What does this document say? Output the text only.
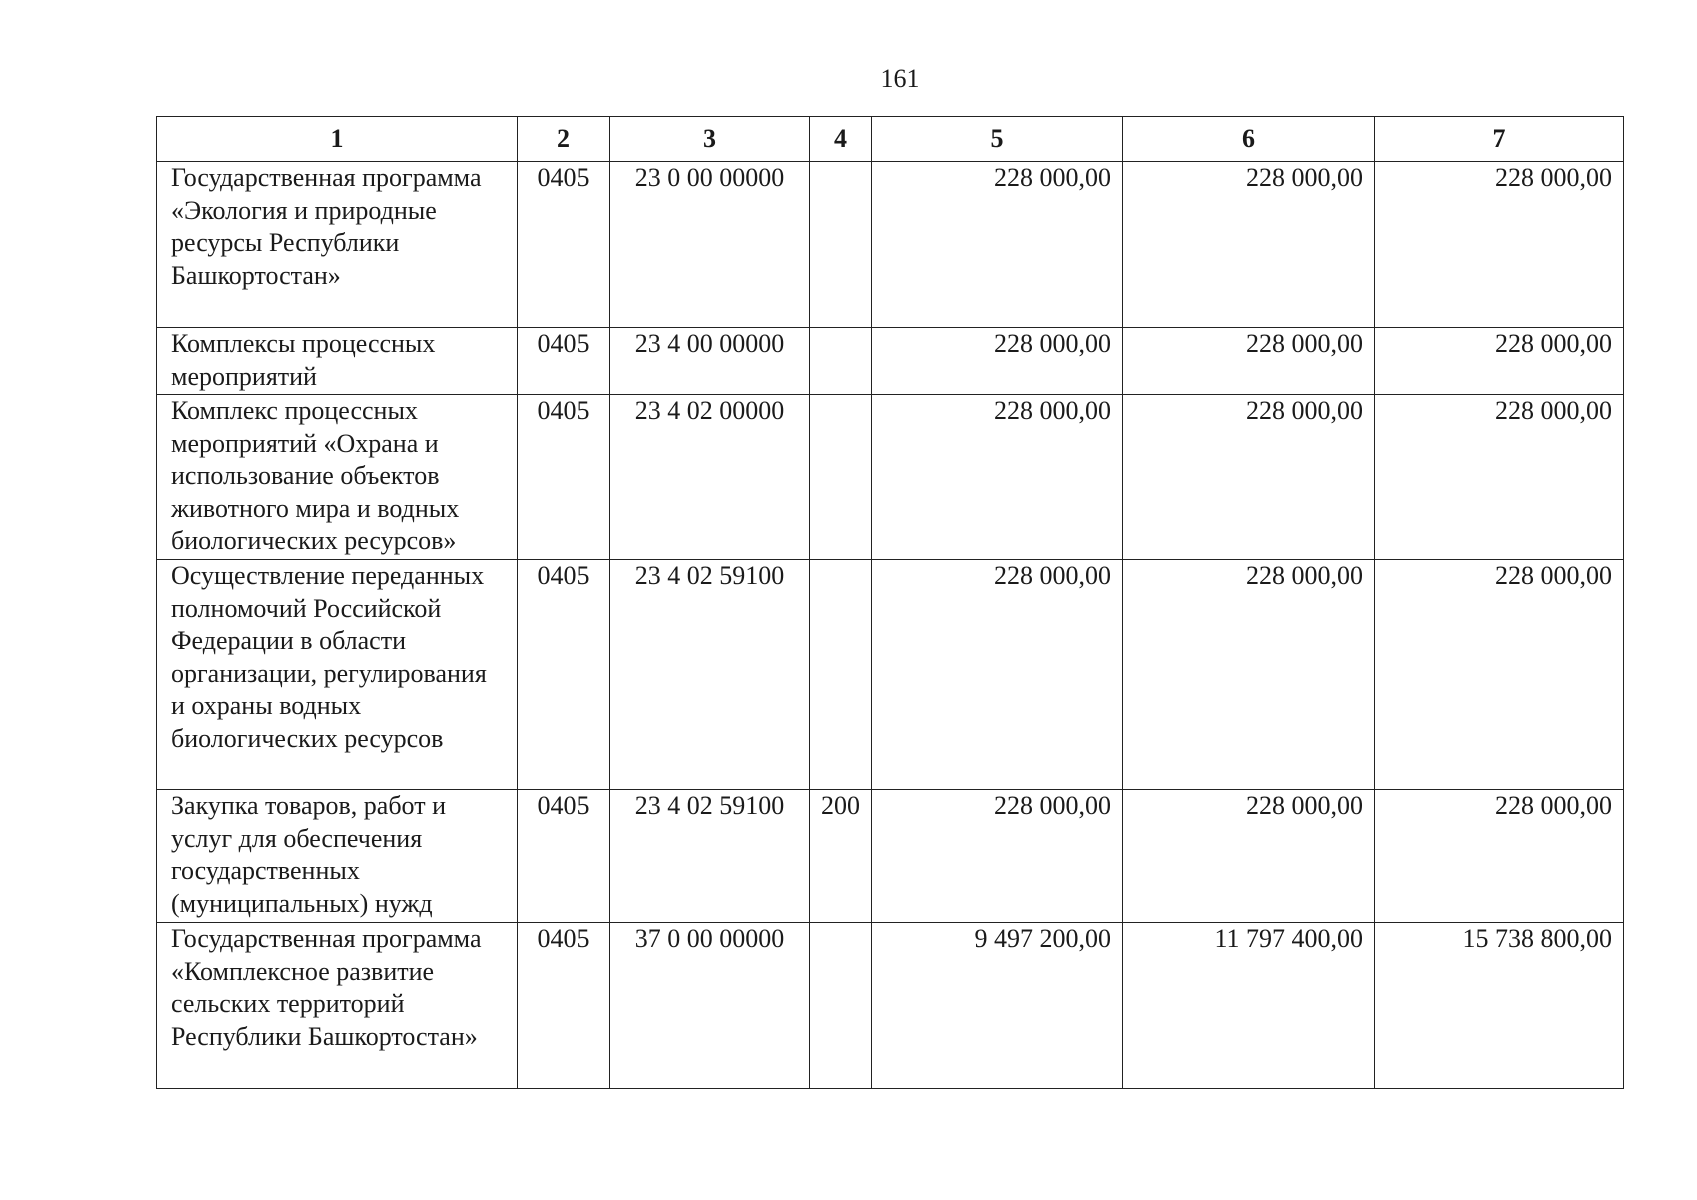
161
1	2	3	4	5	6	7
Государственная программа «Экология и природные ресурсы Республики Башкортостан»	0405	23 0 00 00000		228 000,00	228 000,00	228 000,00
Комплексы процессных мероприятий	0405	23 4 00 00000		228 000,00	228 000,00	228 000,00
Комплекс процессных мероприятий «Охрана и использование объектов животного мира и водных биологических ресурсов»	0405	23 4 02 00000		228 000,00	228 000,00	228 000,00
Осуществление переданных полномочий Российской Федерации в области организации, регулирования и охраны водных биологических ресурсов	0405	23 4 02 59100		228 000,00	228 000,00	228 000,00
Закупка товаров, работ и услуг для обеспечения государственных (муниципальных) нужд	0405	23 4 02 59100	200	228 000,00	228 000,00	228 000,00
Государственная программа «Комплексное развитие сельских территорий Республики Башкортостан»	0405	37 0 00 00000		9 497 200,00	11 797 400,00	15 738 800,00
